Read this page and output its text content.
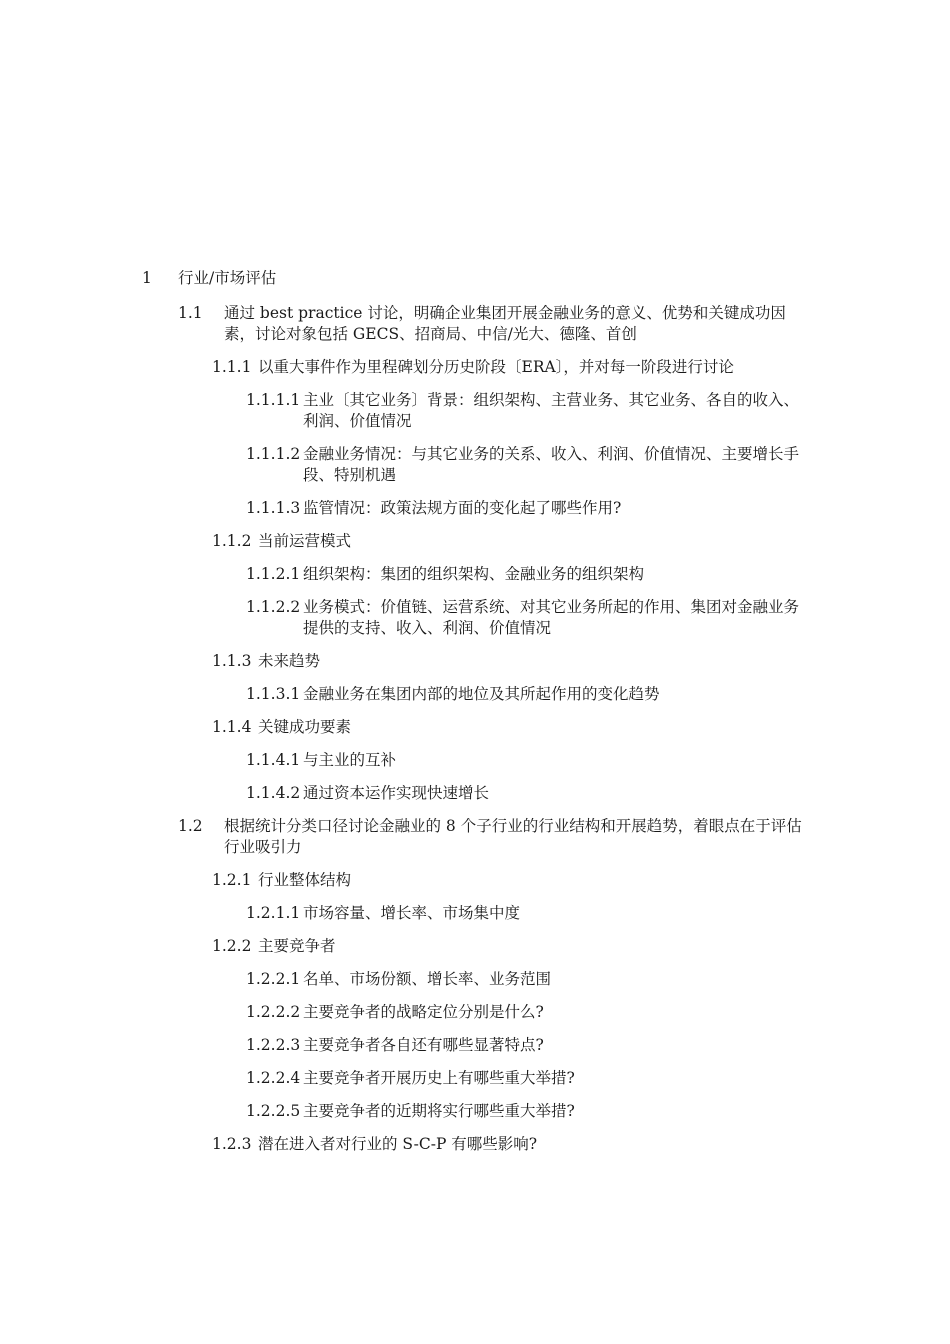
1 行业/市场评估
1.1 通过 best practice 讨论，明确企业集团开展金融业务的意义、优势和关键成功因素，讨论对象包括 GECS、招商局、中信/光大、德隆、首创
1.1.1 以重大事件作为里程碑划分历史阶段〔ERA〕，并对每一阶段进行讨论
1.1.1.1 主业〔其它业务〕背景：组织架构、主营业务、其它业务、各自的收入、利润、价值情况
1.1.1.2 金融业务情况：与其它业务的关系、收入、利润、价值情况、主要增长手段、特别机遇
1.1.1.3 监管情况：政策法规方面的变化起了哪些作用?
1.1.2 当前运营模式
1.1.2.1 组织架构：集团的组织架构、金融业务的组织架构
1.1.2.2 业务模式：价值链、运营系统、对其它业务所起的作用、集团对金融业务提供的支持、收入、利润、价值情况
1.1.3 未来趋势
1.1.3.1 金融业务在集团内部的地位及其所起作用的变化趋势
1.1.4 关键成功要素
1.1.4.1 与主业的互补
1.1.4.2 通过资本运作实现快速增长
1.2 根据统计分类口径讨论金融业的 8 个子行业的行业结构和开展趋势，着眼点在于评估行业吸引力
1.2.1 行业整体结构
1.2.1.1 市场容量、增长率、市场集中度
1.2.2 主要竞争者
1.2.2.1 名单、市场份额、增长率、业务范围
1.2.2.2 主要竞争者的战略定位分别是什么?
1.2.2.3 主要竞争者各自还有哪些显著特点?
1.2.2.4 主要竞争者开展历史上有哪些重大举措?
1.2.2.5 主要竞争者的近期将实行哪些重大举措?
1.2.3 潜在进入者对行业的 S-C-P 有哪些影响?
